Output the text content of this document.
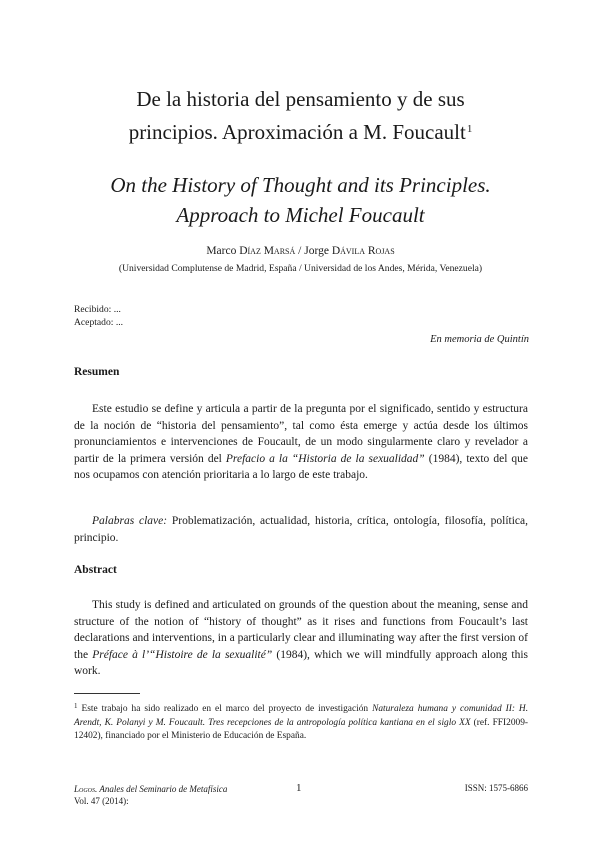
De la historia del pensamiento y de sus
principios. Aproximación a M. Foucault$^1$
On the History of Thought and its Principles.
Approach to Michel Foucault
Marco Díaz Marsá / Jorge Dávila Rojas
(Universidad Complutense de Madrid, España / Universidad de los Andes, Mérida, Venezuela)
Recibido: ...
Aceptado: ...
En memoria de Quintín
Resumen

Este estudio se define y articula a partir de la pregunta por el significado, sentido y estructura de la noción de “historia del pensamiento”, tal como ésta emerge y actúa desde los últimos pronunciamientos e intervenciones de Foucault, de un modo singularmente claro y revelador a partir de la primera versión del Prefacio a la “Historia de la sexualidad” (1984), texto del que nos ocupamos con atención prioritaria a lo largo de este trabajo.

Palabras clave: Problematización, actualidad, historia, crítica, ontología, filosofía, política, principio.

Abstract

This study is defined and articulated on grounds of the question about the meaning, sense and structure of the notion of “history of thought” as it rises and functions from Foucault’s last declarations and interventions, in a particularly clear and illuminating way after the first version of the Préface à l’“Histoire de la sexualité” (1984), which we will mindfully approach along this work.

$^1$ Este trabajo ha sido realizado en el marco del proyecto de investigación Naturaleza humana y comunidad II: H. Arendt, K. Polanyi y M. Foucault. Tres recepciones de la antropología política kantiana en el siglo XX (ref. FFI2009-12402), financiado por el Ministerio de Educación de España.

Logos. Anales del Seminario de Metafísica
Vol. 47 (2014):
1	ISSN: 1575-6866
